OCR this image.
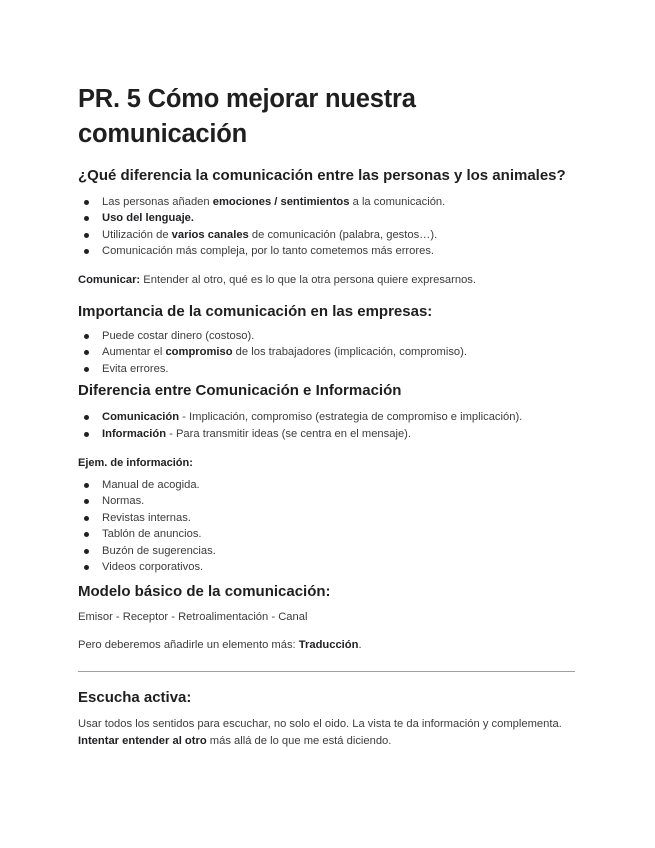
PR. 5 Cómo mejorar nuestra comunicación
¿Qué diferencia la comunicación entre las personas y los animales?
Las personas añaden emociones / sentimientos a la comunicación.
Uso del lenguaje.
Utilización de varios canales de comunicación (palabra, gestos…).
Comunicación más compleja, por lo tanto cometemos más errores.

Comunicar: Entender al otro, qué es lo que la otra persona quiere expresarnos.

Importancia de la comunicación en las empresas:
Puede costar dinero (costoso).
Aumentar el compromiso de los trabajadores (implicación, compromiso).
Evita errores.
Diferencia entre Comunicación e Información
Comunicación - Implicación, compromiso (estrategia de compromiso e implicación).
Información - Para transmitir ideas (se centra en el mensaje).

Ejem. de información:

Manual de acogida.
Normas.
Revistas internas.
Tablón de anuncios.
Buzón de sugerencias.
Videos corporativos.
Modelo básico de la comunicación:

Emisor - Receptor - Retroalimentación - Canal

Pero deberemos añadirle un elemento más: Traducción.

Escucha activa:

Usar todos los sentidos para escuchar, no solo el oido. La vista te da información y complementa. Intentar entender al otro más allá de lo que me está diciendo.
